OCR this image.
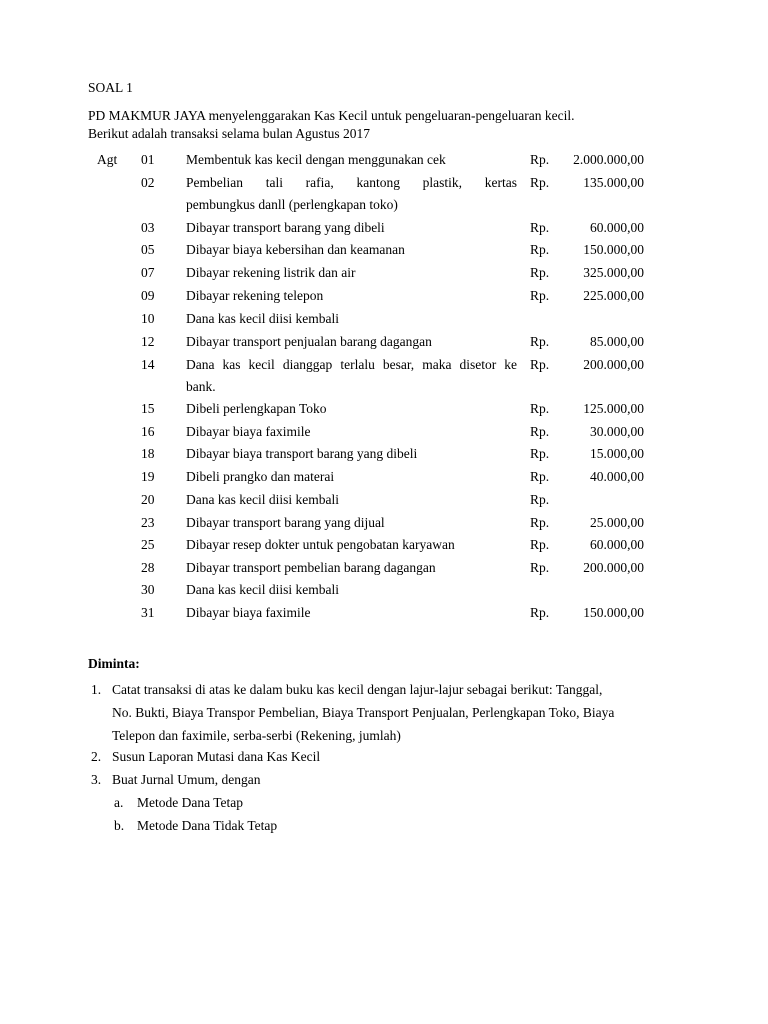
SOAL 1
PD MAKMUR JAYA menyelenggarakan Kas Kecil untuk pengeluaran-pengeluaran kecil.
Berikut adalah transaksi selama bulan Agustus 2017
Agt 01 Membentuk kas kecil dengan menggunakan cek	Rp. 2.000.000,00
02 Pembelian tali rafia, kantong plastik, kertas
pembungkus danll (perlengkapan toko)
Rp.	135.000,00
03 Dibayar transport barang yang dibeli	Rp.	60.000,00
05 Dibayar biaya kebersihan dan keamanan	Rp.	150.000,00
07 Dibayar rekening listrik dan air	Rp.	325.000,00
09 Dibayar rekening telepon	Rp.	225.000,00
10 Dana kas kecil diisi kembali
12 Dibayar transport penjualan barang dagangan	Rp.	85.000,00
14 Dana kas kecil dianggap terlalu besar, maka disetor ke
bank.
Rp.	200.000,00
15 Dibeli perlengkapan Toko	Rp.	125.000,00
16 Dibayar biaya faximile	Rp.	30.000,00
18 Dibayar biaya transport barang yang dibeli	Rp.	15.000,00
19 Dibeli prangko dan materai	Rp.	40.000,00
20 Dana kas kecil diisi kembali	Rp.
23 Dibayar transport barang yang dijual	Rp.	25.000,00
25 Dibayar resep dokter untuk pengobatan karyawan	Rp.	60.000,00
28 Dibayar transport pembelian barang dagangan	Rp.	200.000,00
30 Dana kas kecil diisi kembali
31 Dibayar biaya faximile	Rp.	150.000,00
Diminta:
1. Catat transaksi di atas ke dalam buku kas kecil dengan lajur-lajur sebagai berikut: Tanggal,
No. Bukti, Biaya Transpor Pembelian, Biaya Transport Penjualan, Perlengkapan Toko, Biaya
Telepon dan faximile, serba-serbi (Rekening, jumlah)
2. Susun Laporan Mutasi dana Kas Kecil
3. Buat Jurnal Umum, dengan
a. Metode Dana Tetap
b. Metode Dana Tidak Tetap
